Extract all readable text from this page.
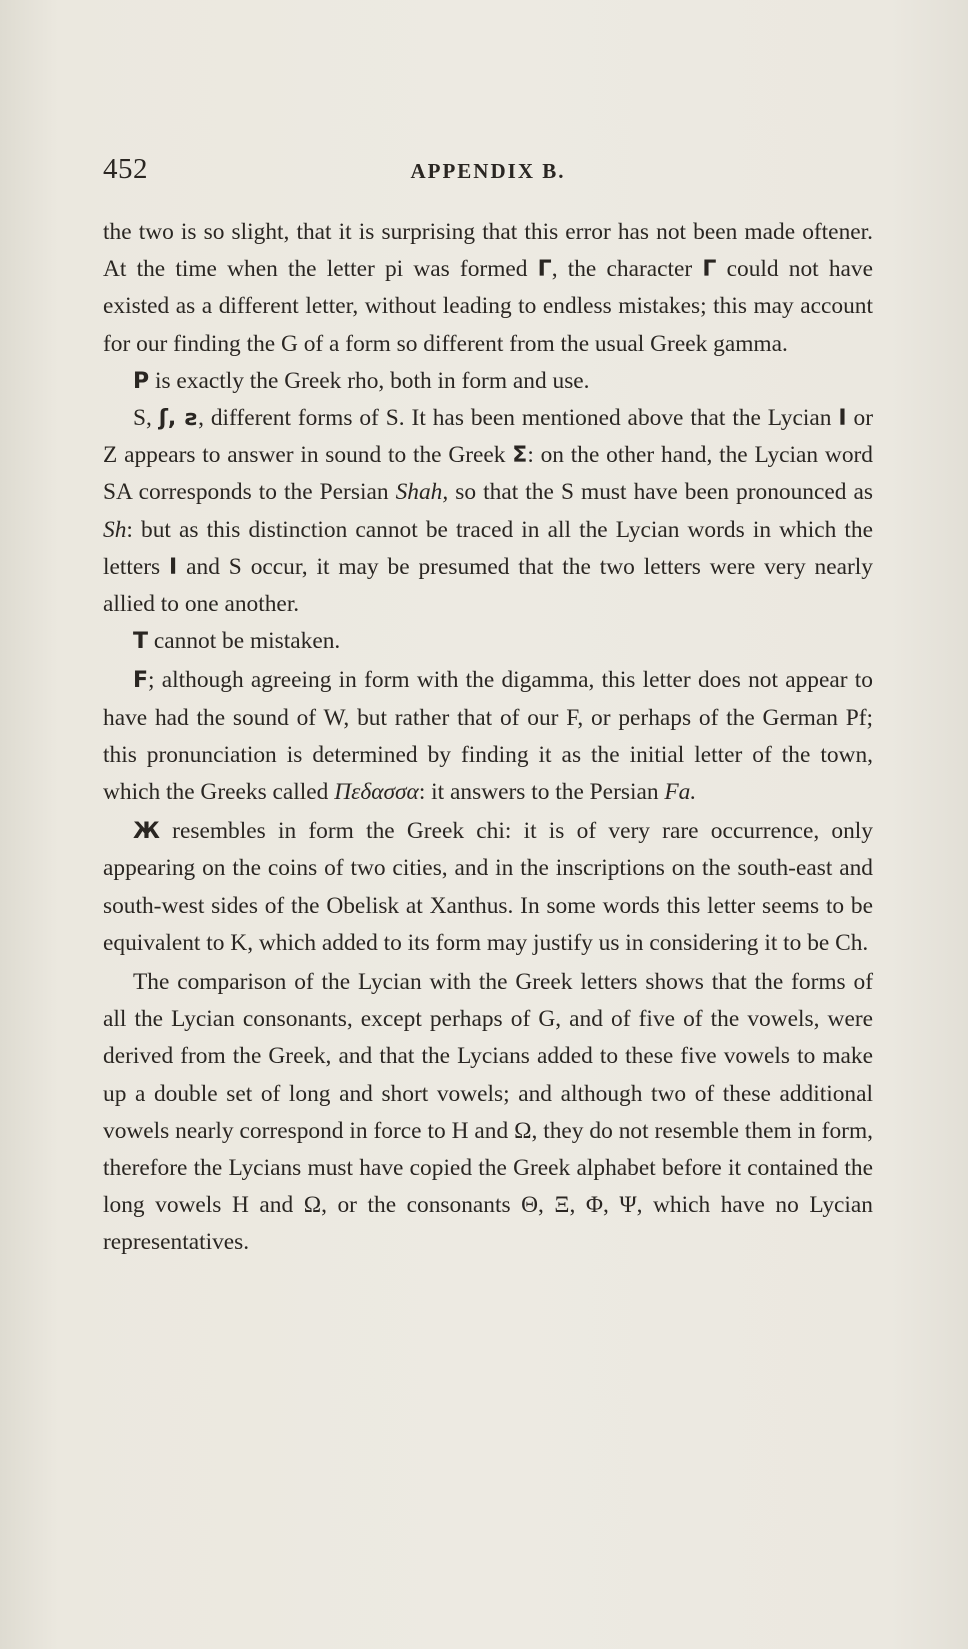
452	APPENDIX B.

the two is so slight, that it is surprising that this error has not been made oftener. At the time when the letter pi was formed Γ, the character Γ could not have existed as a different letter, without leading to endless mistakes; this may account for our finding the G of a form so different from the usual Greek gamma.

P is exactly the Greek rho, both in form and use.

S, ʃ, ƨ, different forms of S. It has been mentioned above that the Lycian Ι or Z appears to answer in sound to the Greek Σ: on the other hand, the Lycian word SA corresponds to the Persian Shah, so that the S must have been pronounced as Sh: but as this distinction cannot be traced in all the Lycian words in which the letters Ι and S occur, it may be presumed that the two letters were very nearly allied to one another.

T cannot be mistaken.

F; although agreeing in form with the digamma, this letter does not appear to have had the sound of W, but rather that of our F, or perhaps of the German Pf; this pronunciation is determined by finding it as the initial letter of the town, which the Greeks called Πεδασσα: it answers to the Persian Fa.

Ж resembles in form the Greek chi: it is of very rare occurrence, only appearing on the coins of two cities, and in the inscriptions on the south-east and south-west sides of the Obelisk at Xanthus. In some words this letter seems to be equivalent to K, which added to its form may justify us in considering it to be Ch.

The comparison of the Lycian with the Greek letters shows that the forms of all the Lycian consonants, except perhaps of G, and of five of the vowels, were derived from the Greek, and that the Lycians added to these five vowels to make up a double set of long and short vowels; and although two of these additional vowels nearly correspond in force to H and Ω, they do not resemble them in form, therefore the Lycians must have copied the Greek alphabet before it contained the long vowels H and Ω, or the consonants Θ, Ξ, Φ, Ψ, which have no Lycian representatives.
